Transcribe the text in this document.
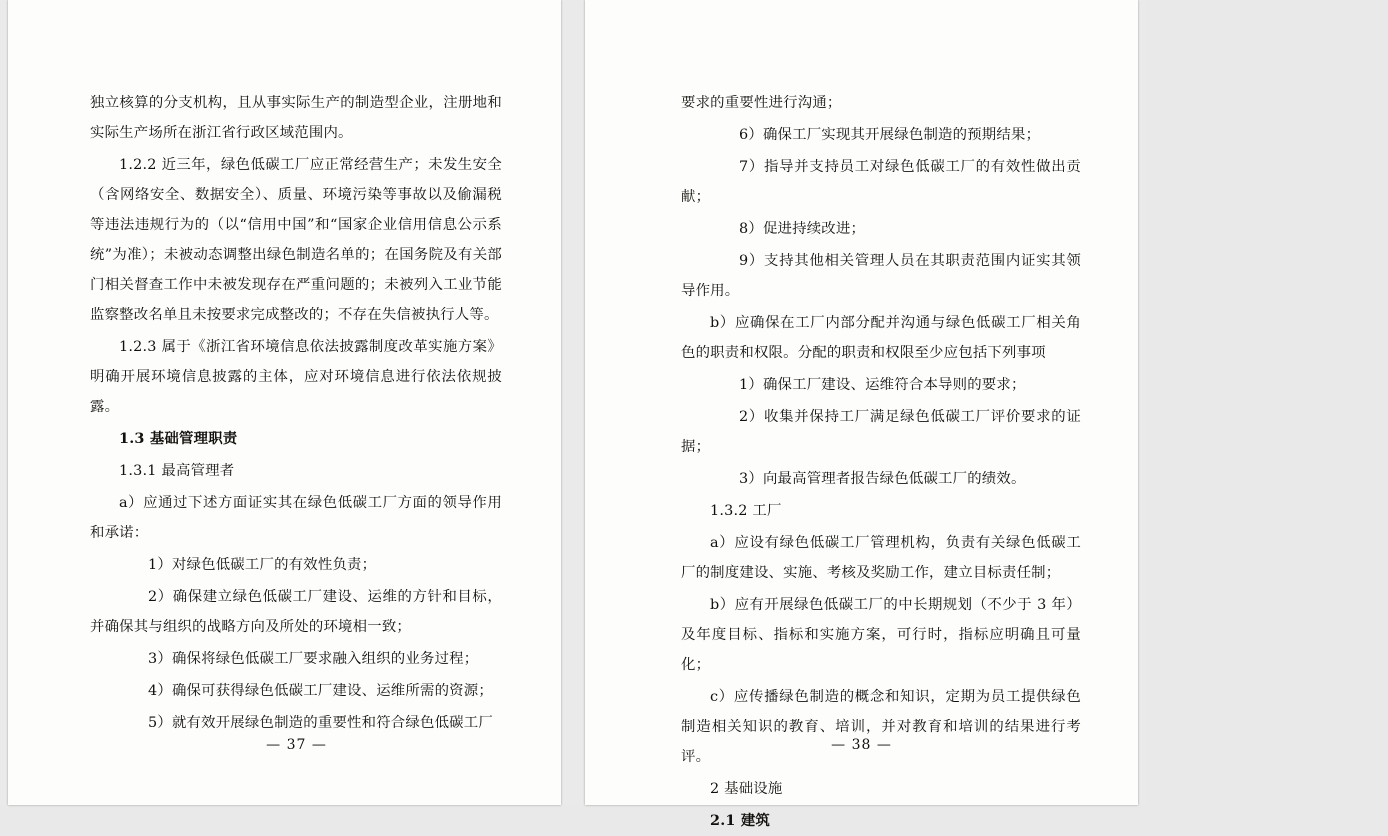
独立核算的分支机构，且从事实际生产的制造型企业，注册地和实际生产场所在浙江省行政区域范围内。

1.2.2 近三年，绿色低碳工厂应正常经营生产；未发生安全（含网络安全、数据安全）、质量、环境污染等事故以及偷漏税等违法违规行为的（以“信用中国”和“国家企业信用信息公示系统”为准）；未被动态调整出绿色制造名单的；在国务院及有关部门相关督查工作中未被发现存在严重问题的；未被列入工业节能监察整改名单且未按要求完成整改的；不存在失信被执行人等。

1.2.3 属于《浙江省环境信息依法披露制度改革实施方案》明确开展环境信息披露的主体，应对环境信息进行依法依规披露。

1.3 基础管理职责

1.3.1 最高管理者

a）应通过下述方面证实其在绿色低碳工厂方面的领导作用和承诺：

1）对绿色低碳工厂的有效性负责；

2）确保建立绿色低碳工厂建设、运维的方针和目标，并确保其与组织的战略方向及所处的环境相一致；

3）确保将绿色低碳工厂要求融入组织的业务过程；

4）确保可获得绿色低碳工厂建设、运维所需的资源；

5）就有效开展绿色制造的重要性和符合绿色低碳工厂

— 37 —

要求的重要性进行沟通；

6）确保工厂实现其开展绿色制造的预期结果；

7）指导并支持员工对绿色低碳工厂的有效性做出贡献；

8）促进持续改进；

9）支持其他相关管理人员在其职责范围内证实其领导作用。

b）应确保在工厂内部分配并沟通与绿色低碳工厂相关角色的职责和权限。分配的职责和权限至少应包括下列事项

1）确保工厂建设、运维符合本导则的要求；

2）收集并保持工厂满足绿色低碳工厂评价要求的证据；

3）向最高管理者报告绿色低碳工厂的绩效。

1.3.2 工厂

a）应设有绿色低碳工厂管理机构，负责有关绿色低碳工厂的制度建设、实施、考核及奖励工作，建立目标责任制；

b）应有开展绿色低碳工厂的中长期规划（不少于 3 年）及年度目标、指标和实施方案，可行时，指标应明确且可量化；

c）应传播绿色制造的概念和知识，定期为员工提供绿色制造相关知识的教育、培训，并对教育和培训的结果进行考评。

2 基础设施

2.1 建筑

— 38 —
